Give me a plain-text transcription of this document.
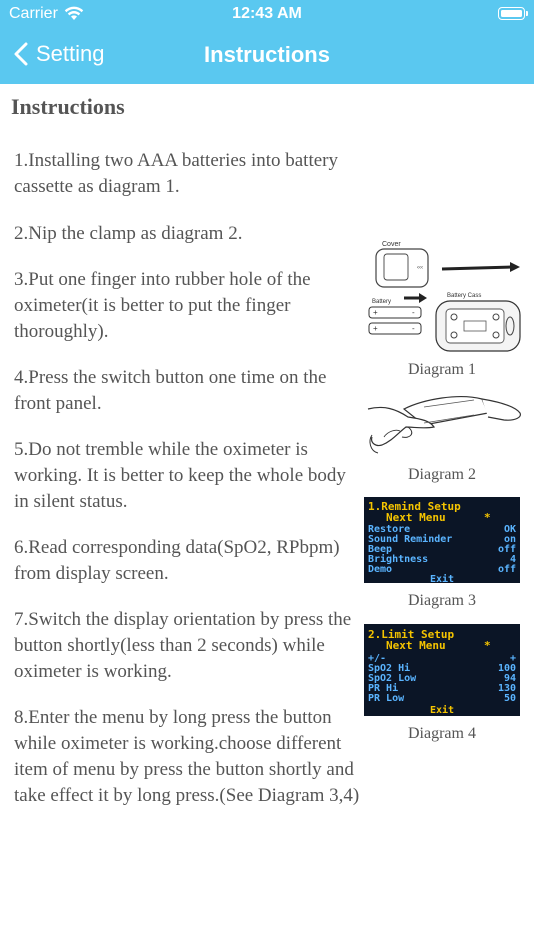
Carrier	12:43 AM
Setting	Instructions
Instructions
1.Installing two AAA batteries into battery cassette as diagram 1.
2.Nip the clamp as diagram 2.
3.Put one finger into rubber hole of the oximeter(it is better to put the finger thoroughly).
4.Press the switch button one time on the front panel.
5.Do not tremble while the oximeter is working. It is better to keep the whole body in silent status.
6.Read corresponding data(SpO2, RPbpm) from display screen.
7.Switch the display orientation by press the button shortly(less than 2 seconds) while oximeter is working.
8.Enter the menu by long press the button while oximeter is working.choose different item of menu by press the button shortly and take effect it by long press.(See Diagram 3,4)
Cover
‹‹‹
Battery
Battery Cass
+	-
+	-
Diagram 1
Diagram 2
1.Remind Setup
Next Menu	*
Restore	OK
Sound Reminder	on
Beep	off
Brightness	4
Demo	off
Exit
Diagram 3
2.Limit Setup
Next Menu	*
+/-	+
SpO2 Hi	100
SpO2 Low	94
PR Hi	130
PR Low	50
Exit
Diagram 4
